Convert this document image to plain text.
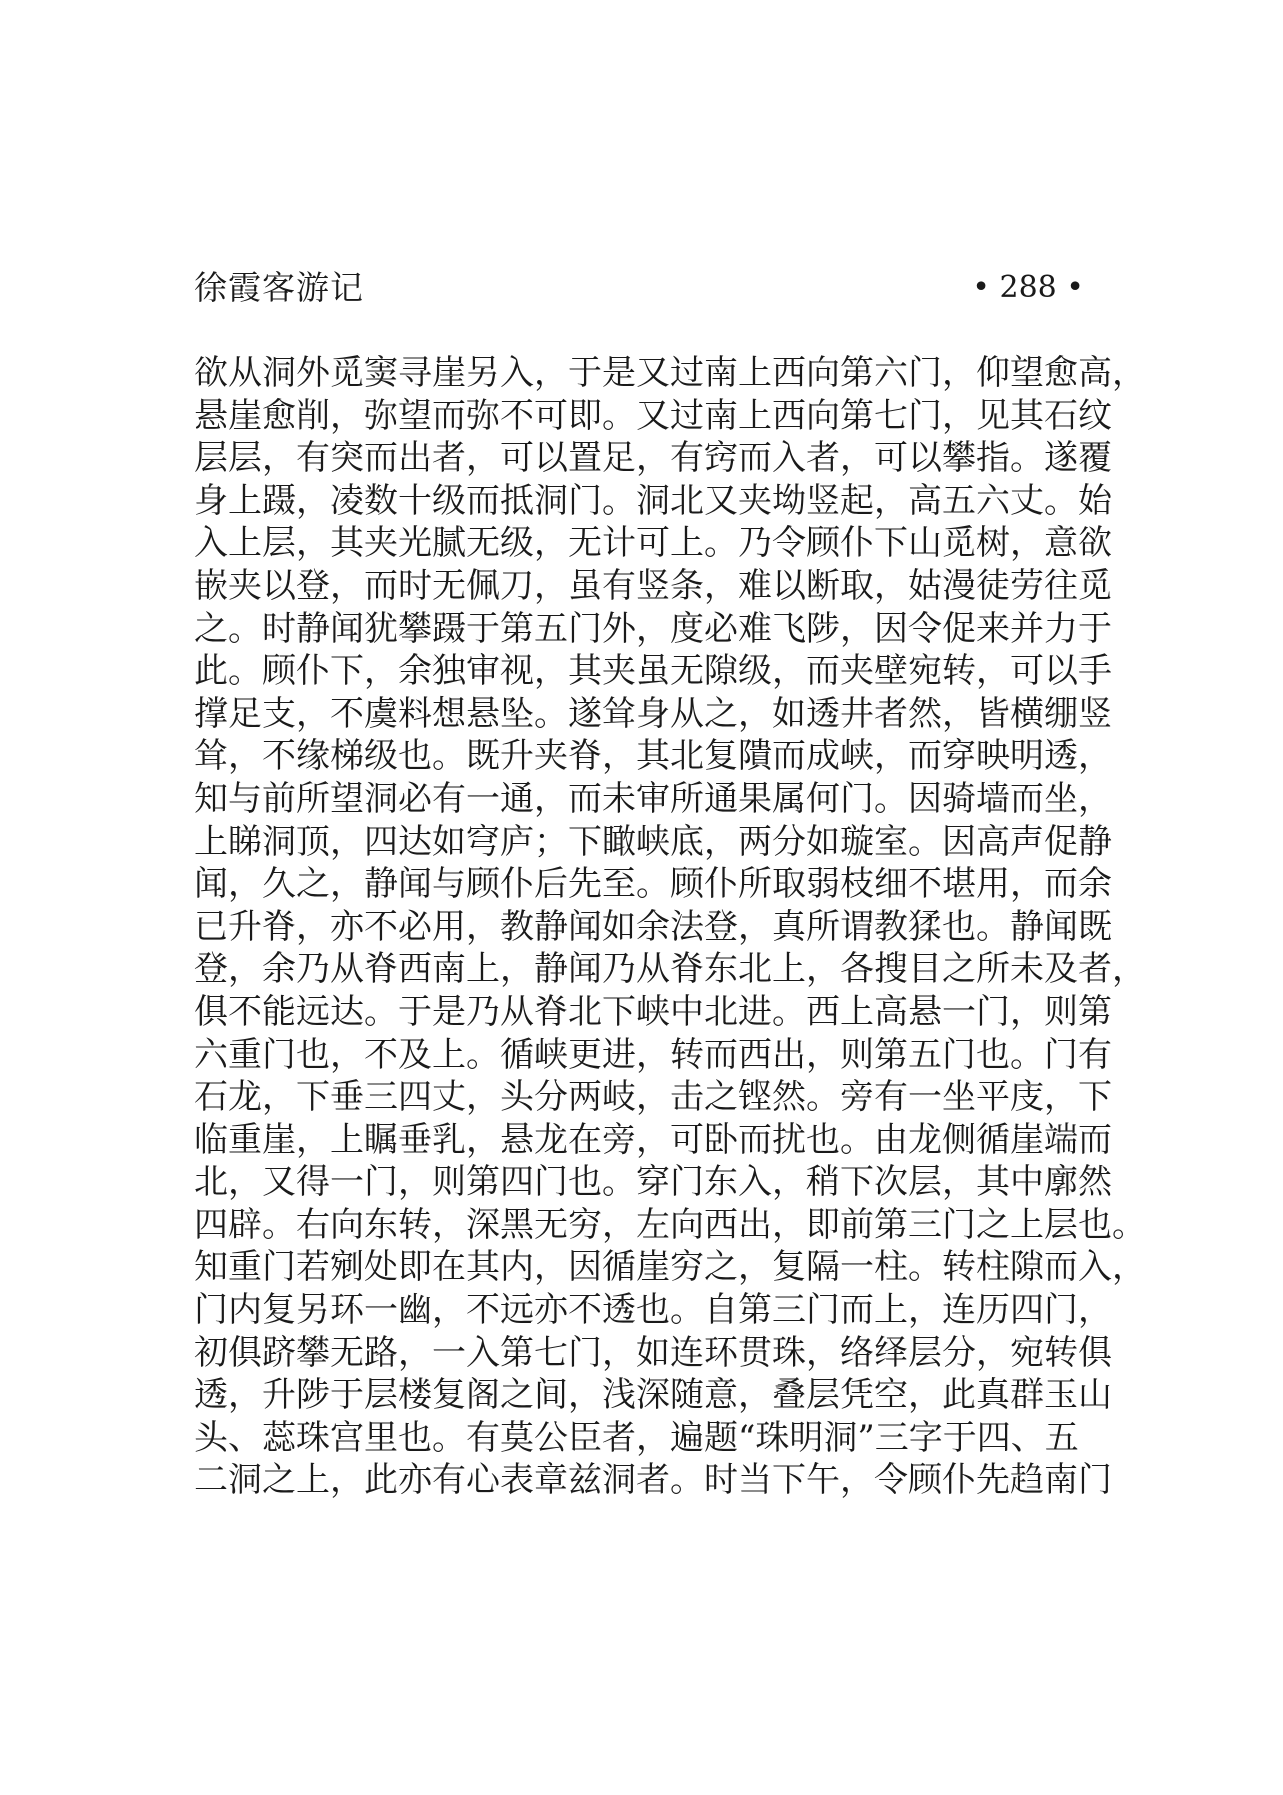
徐霞客游记	• 288 •
欲从洞外觅窦寻崖另入，于是又过南上西向第六门，仰望愈高，
悬崖愈削，弥望而弥不可即。又过南上西向第七门，见其石纹
层层，有突而出者，可以置足，有窍而入者，可以攀指。遂覆
身上蹑，凌数十级而抵洞门。洞北又夹坳竖起，高五六丈。始
入上层，其夹光腻无级，无计可上。乃令顾仆下山觅树，意欲
嵌夹以登，而时无佩刀，虽有竖条，难以断取，姑漫徒劳往觅
之。时静闻犹攀蹑于第五门外，度必难飞陟，因令促来并力于
此。顾仆下，余独审视，其夹虽无隙级，而夹壁宛转，可以手
撑足支，不虞料想悬坠。遂耸身从之，如透井者然，皆横绷竖
耸，不缘梯级也。既升夹脊，其北复隤而成峡，而穿映明透，
知与前所望洞必有一通，而未审所通果属何门。因骑墙而坐，
上睇洞顶，四达如穹庐；下瞰峡底，两分如璇室。因高声促静
闻，久之，静闻与顾仆后先至。顾仆所取弱枝细不堪用，而余
已升脊，亦不必用，教静闻如余法登，真所谓教猱也。静闻既
登，余乃从脊西南上，静闻乃从脊东北上，各搜目之所未及者，
俱不能远达。于是乃从脊北下峡中北进。西上高悬一门，则第
六重门也，不及上。循峡更进，转而西出，则第五门也。门有
石龙，下垂三四丈，头分两岐，击之铿然。旁有一坐平庋，下
临重崖，上瞩垂乳，悬龙在旁，可卧而扰也。由龙侧循崖端而
北，又得一门，则第四门也。穿门东入，稍下次层，其中廓然
四辟。右向东转，深黑无穷，左向西出，即前第三门之上层也。
知重门若剜处即在其内，因循崖穷之，复隔一柱。转柱隙而入，
门内复另环一幽，不远亦不透也。自第三门而上，连历四门，
初俱跻攀无路，一入第七门，如连环贯珠，络绎层分，宛转俱
透，升陟于层楼复阁之间，浅深随意，叠层凭空，此真群玉山
头、蕊珠宫里也。有莫公臣者，遍题“珠明洞”三字于四、五
二洞之上，此亦有心表章兹洞者。时当下午，令顾仆先趋南门
